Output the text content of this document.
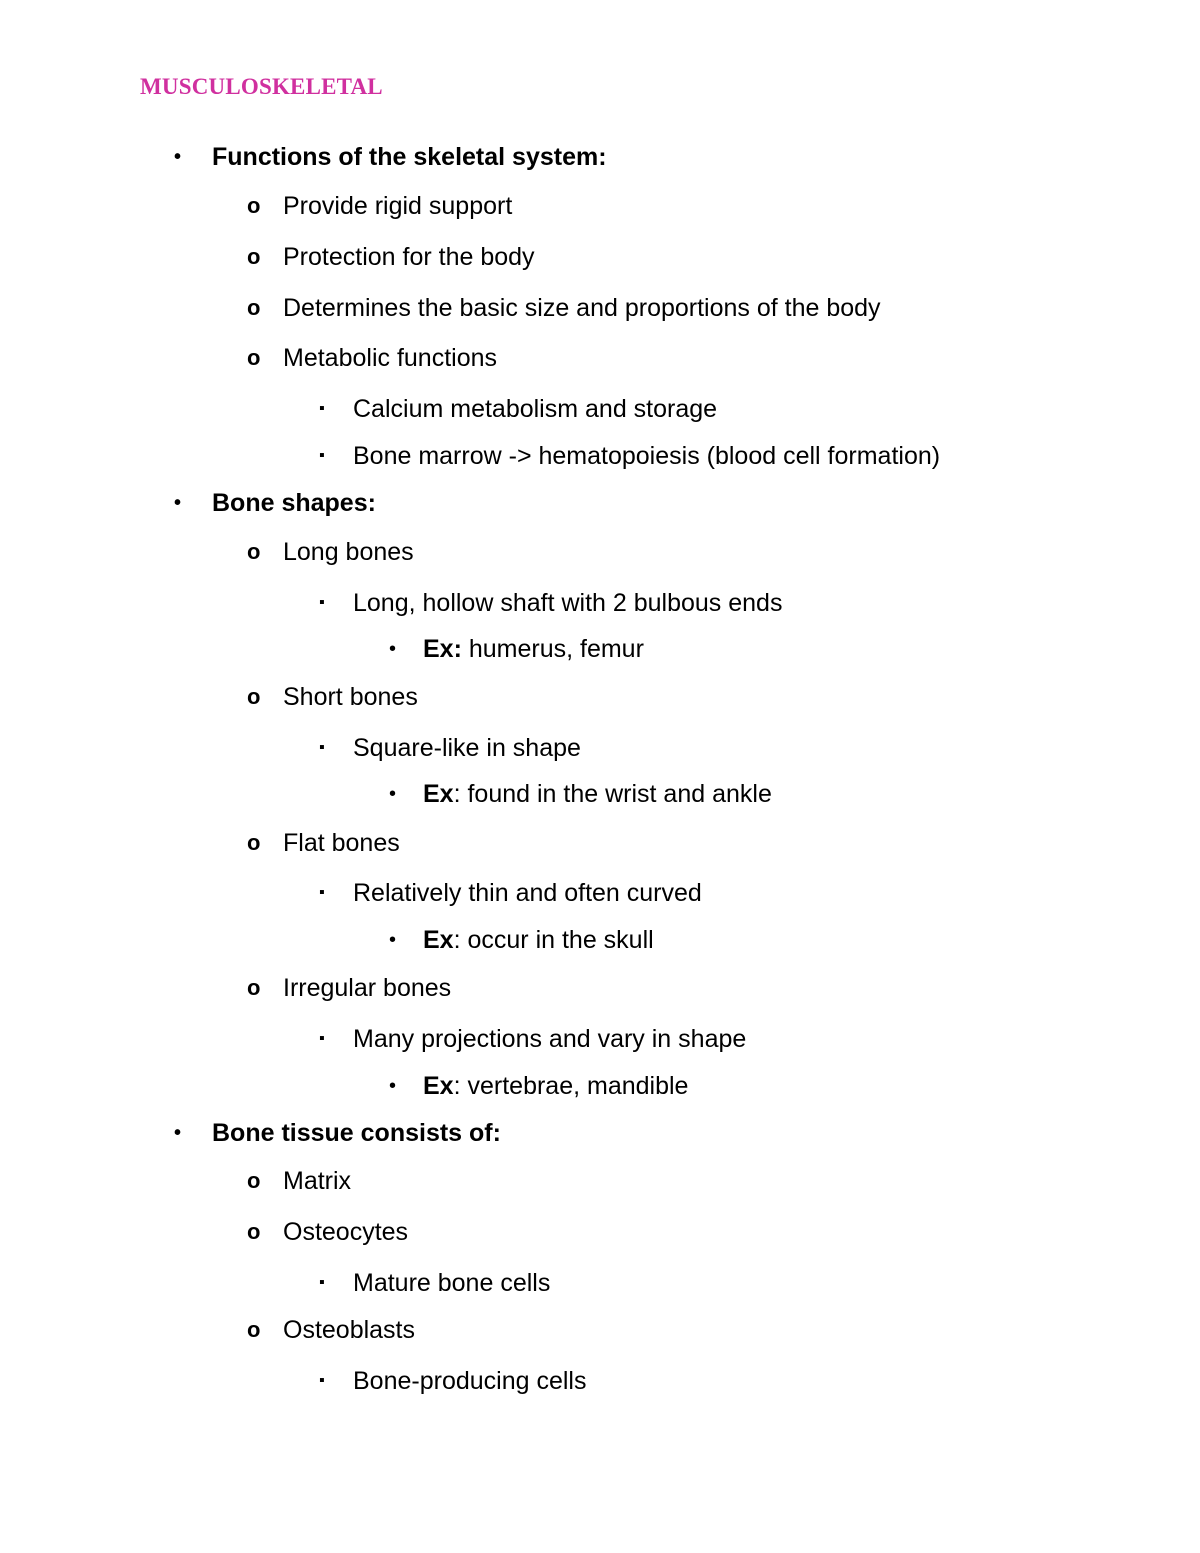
MUSCULOSKELETAL
• Functions of the skeletal system:
o Provide rigid support
o Protection for the body
o Determines the basic size and proportions of the body
o Metabolic functions
▪ Calcium metabolism and storage
▪ Bone marrow -> hematopoiesis (blood cell formation)
• Bone shapes:
o Long bones
▪ Long, hollow shaft with 2 bulbous ends
• Ex: humerus, femur
o Short bones
▪ Square-like in shape
• Ex: found in the wrist and ankle
o Flat bones
▪ Relatively thin and often curved
• Ex: occur in the skull
o Irregular bones
▪ Many projections and vary in shape
• Ex: vertebrae, mandible
• Bone tissue consists of:
o Matrix
o Osteocytes
▪ Mature bone cells
o Osteoblasts
▪ Bone-producing cells
